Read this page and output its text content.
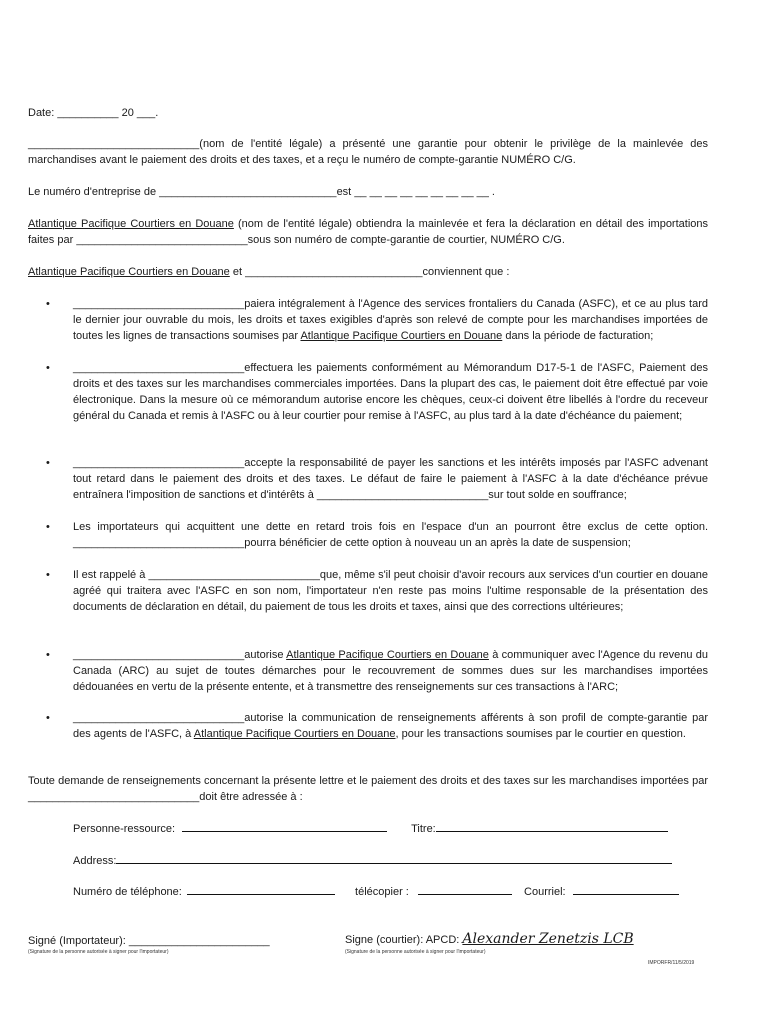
Date: __________ 20 ___.
____________________________(nom de l'entité légale) a présenté une garantie pour obtenir le privilège de la mainlevée des marchandises avant le paiement des droits et des taxes, et a reçu le numéro de compte-garantie NUMÉRO C/G.
Le numéro d'entreprise de _____________________________est __ __ __ __ __ __ __ __ __ .
Atlantique Pacifique Courtiers en Douane (nom de l'entité légale) obtiendra la mainlevée et fera la déclaration en détail des importations faites par ____________________________sous son numéro de compte-garantie de courtier, NUMÉRO C/G.
Atlantique Pacifique Courtiers en Douane et _____________________________conviennent que :
•	____________________________paiera intégralement à l'Agence des services frontaliers du Canada (ASFC), et ce au plus tard le dernier jour ouvrable du mois, les droits et taxes exigibles d'après son relevé de compte pour les marchandises importées de toutes les lignes de transactions soumises par Atlantique Pacifique Courtiers en Douane dans la période de facturation;
•	____________________________effectuera les paiements conformément au Mémorandum D17-5-1 de l'ASFC, Paiement des droits et des taxes sur les marchandises commerciales importées. Dans la plupart des cas, le paiement doit être effectué par voie électronique. Dans la mesure où ce mémorandum autorise encore les chèques, ceux-ci doivent être libellés à l'ordre du receveur général du Canada et remis à l'ASFC ou à leur courtier pour remise à l'ASFC, au plus tard à la date d'échéance du paiement;
•	____________________________accepte la responsabilité de payer les sanctions et les intérêts imposés par l'ASFC advenant tout retard dans le paiement des droits et des taxes. Le défaut de faire le paiement à l'ASFC à la date d'échéance prévue entraînera l'imposition de sanctions et d'intérêts à ____________________________sur tout solde en souffrance;
•	Les importateurs qui acquittent une dette en retard trois fois en l'espace d'un an pourront être exclus de cette option. ____________________________pourra bénéficier de cette option à nouveau un an après la date de suspension;
•	Il est rappelé à ____________________________que, même s'il peut choisir d'avoir recours aux services d'un courtier en douane agréé qui traitera avec l'ASFC en son nom, l'importateur n'en reste pas moins l'ultime responsable de la présentation des documents de déclaration en détail, du paiement de tous les droits et taxes, ainsi que des corrections ultérieures;
•	____________________________autorise Atlantique Pacifique Courtiers en Douane à communiquer avec l'Agence du revenu du Canada (ARC) au sujet de toutes démarches pour le recouvrement de sommes dues sur les marchandises importées dédouanées en vertu de la présente entente, et à transmettre des renseignements sur ces transactions à l'ARC;
•	____________________________autorise la communication de renseignements afférents à son profil de compte-garantie par des agents de l'ASFC, à Atlantique Pacifique Courtiers en Douane, pour les transactions soumises par le courtier en question.
Toute demande de renseignements concernant la présente lettre et le paiement des droits et des taxes sur les marchandises importées par ____________________________doit être adressée à :
Personne-ressource:	Titre:
Address:
Numéro de téléphone:	télécopier :	Courriel:
Signé (Importateur): _______________________
(Signature de la personne autorisée à signer pour l'importateur)
Signe (courtier): APCD: Alexander Zenetzis LCB
(Signature de la personne autorisée à signer pour l'importateur)
IMPORFR/11/5/2019
